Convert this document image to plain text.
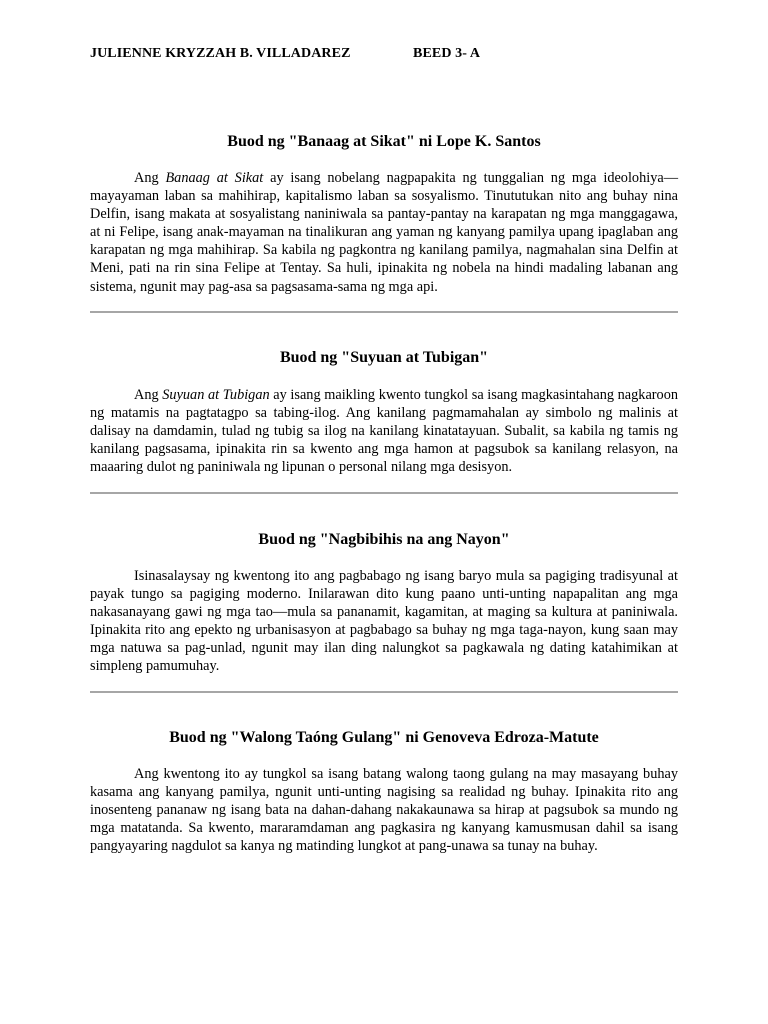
JULIENNE KRYZZAH B. VILLADAREZ	BEED 3- A
Buod ng "Banaag at Sikat" ni Lope K. Santos

Ang Banaag at Sikat ay isang nobelang nagpapakita ng tunggalian ng mga ideolohiya—mayayaman laban sa mahihirap, kapitalismo laban sa sosyalismo. Tinututukan nito ang buhay nina Delfin, isang makata at sosyalistang naniniwala sa pantay-pantay na karapatan ng mga manggagawa, at ni Felipe, isang anak-mayaman na tinalikuran ang yaman ng kanyang pamilya upang ipaglaban ang karapatan ng mga mahihirap. Sa kabila ng pagkontra ng kanilang pamilya, nagmahalan sina Delfin at Meni, pati na rin sina Felipe at Tentay. Sa huli, ipinakita ng nobela na hindi madaling labanan ang sistema, ngunit may pag-asa sa pagsasama-sama ng mga api.

Buod ng "Suyuan at Tubigan"

Ang Suyuan at Tubigan ay isang maikling kwento tungkol sa isang magkasintahang nagkaroon ng matamis na pagtatagpo sa tabing-ilog. Ang kanilang pagmamahalan ay simbolo ng malinis at dalisay na damdamin, tulad ng tubig sa ilog na kanilang kinatatayuan. Subalit, sa kabila ng tamis ng kanilang pagsasama, ipinakita rin sa kwento ang mga hamon at pagsubok sa kanilang relasyon, na maaaring dulot ng paniniwala ng lipunan o personal nilang mga desisyon.

Buod ng "Nagbibihis na ang Nayon"

Isinasalaysay ng kwentong ito ang pagbabago ng isang baryo mula sa pagiging tradisyunal at payak tungo sa pagiging moderno. Inilarawan dito kung paano unti-unting napapalitan ang mga nakasanayang gawi ng mga tao—mula sa pananamit, kagamitan, at maging sa kultura at paniniwala. Ipinakita rito ang epekto ng urbanisasyon at pagbabago sa buhay ng mga taga-nayon, kung saan may mga natuwa sa pag-unlad, ngunit may ilan ding nalungkot sa pagkawala ng dating katahimikan at simpleng pamumuhay.

Buod ng "Walong Taóng Gulang" ni Genoveva Edroza-Matute

Ang kwentong ito ay tungkol sa isang batang walong taong gulang na may masayang buhay kasama ang kanyang pamilya, ngunit unti-unting nagising sa realidad ng buhay. Ipinakita rito ang inosenteng pananaw ng isang bata na dahan-dahang nakakaunawa sa hirap at pagsubok sa mundo ng mga matatanda. Sa kwento, mararamdaman ang pagkasira ng kanyang kamusmusan dahil sa isang pangyayaring nagdulot sa kanya ng matinding lungkot at pang-unawa sa tunay na buhay.
